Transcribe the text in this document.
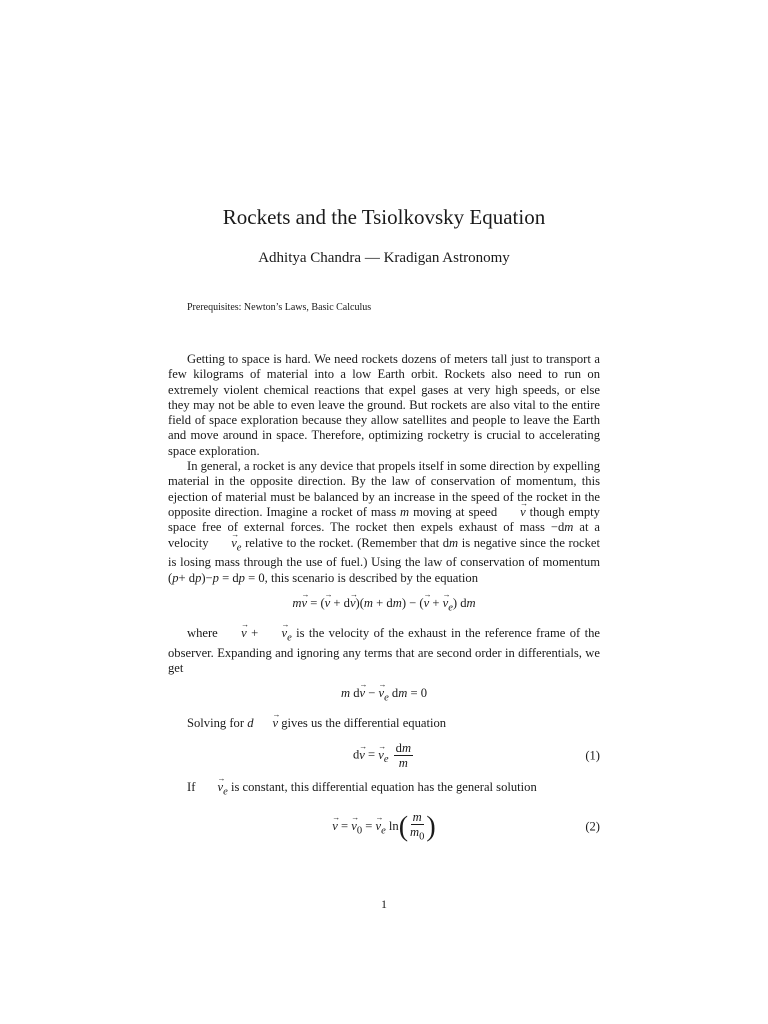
Rockets and the Tsiolkovsky Equation
Adhitya Chandra — Kradigan Astronomy
Prerequisites: Newton’s Laws, Basic Calculus

Getting to space is hard. We need rockets dozens of meters tall just to transport a few kilograms of material into a low Earth orbit. Rockets also need to run on extremely violent chemical reactions that expel gases at very high speeds, or else they may not be able to even leave the ground. But rockets are also vital to the entire field of space exploration because they allow satellites and people to leave the Earth and move around in space. Therefore, optimizing rocketry is crucial to accelerating space exploration.

In general, a rocket is any device that propels itself in some direction by expelling material in the opposite direction. By the law of conservation of momentum, this ejection of material must be balanced by an increase in the speed of the rocket in the opposite direction. Imagine a rocket of mass m moving at speed → v though empty space free of external forces. The rocket then expels exhaust of mass −dm at a velocity → $v_e$ relative to the rocket. (Remember that dm is negative since the rocket is losing mass through the use of fuel.) Using the law of conservation of momentum (p+ dp)−p = dp = 0, this scenario is described by the equation

m→ v = (→ v + d→ v)(m + dm) − (→ v + → $v_e$) dm

where → v + → $v_e$ is the velocity of the exhaust in the reference frame of the observer. Expanding and ignoring any terms that are second order in differentials, we get

m d→ v − → $v_e$ dm = 0

Solving for d → v gives us the differential equation

d→ v = → $v_e \frac{dm}{m}$	(1)

$If \to v_e$ is constant, this differential equation has the general solution

→ v = → $v_0$ = → $v_e$ $\ln( \frac{m}{m_0}$ )	(2)
1
